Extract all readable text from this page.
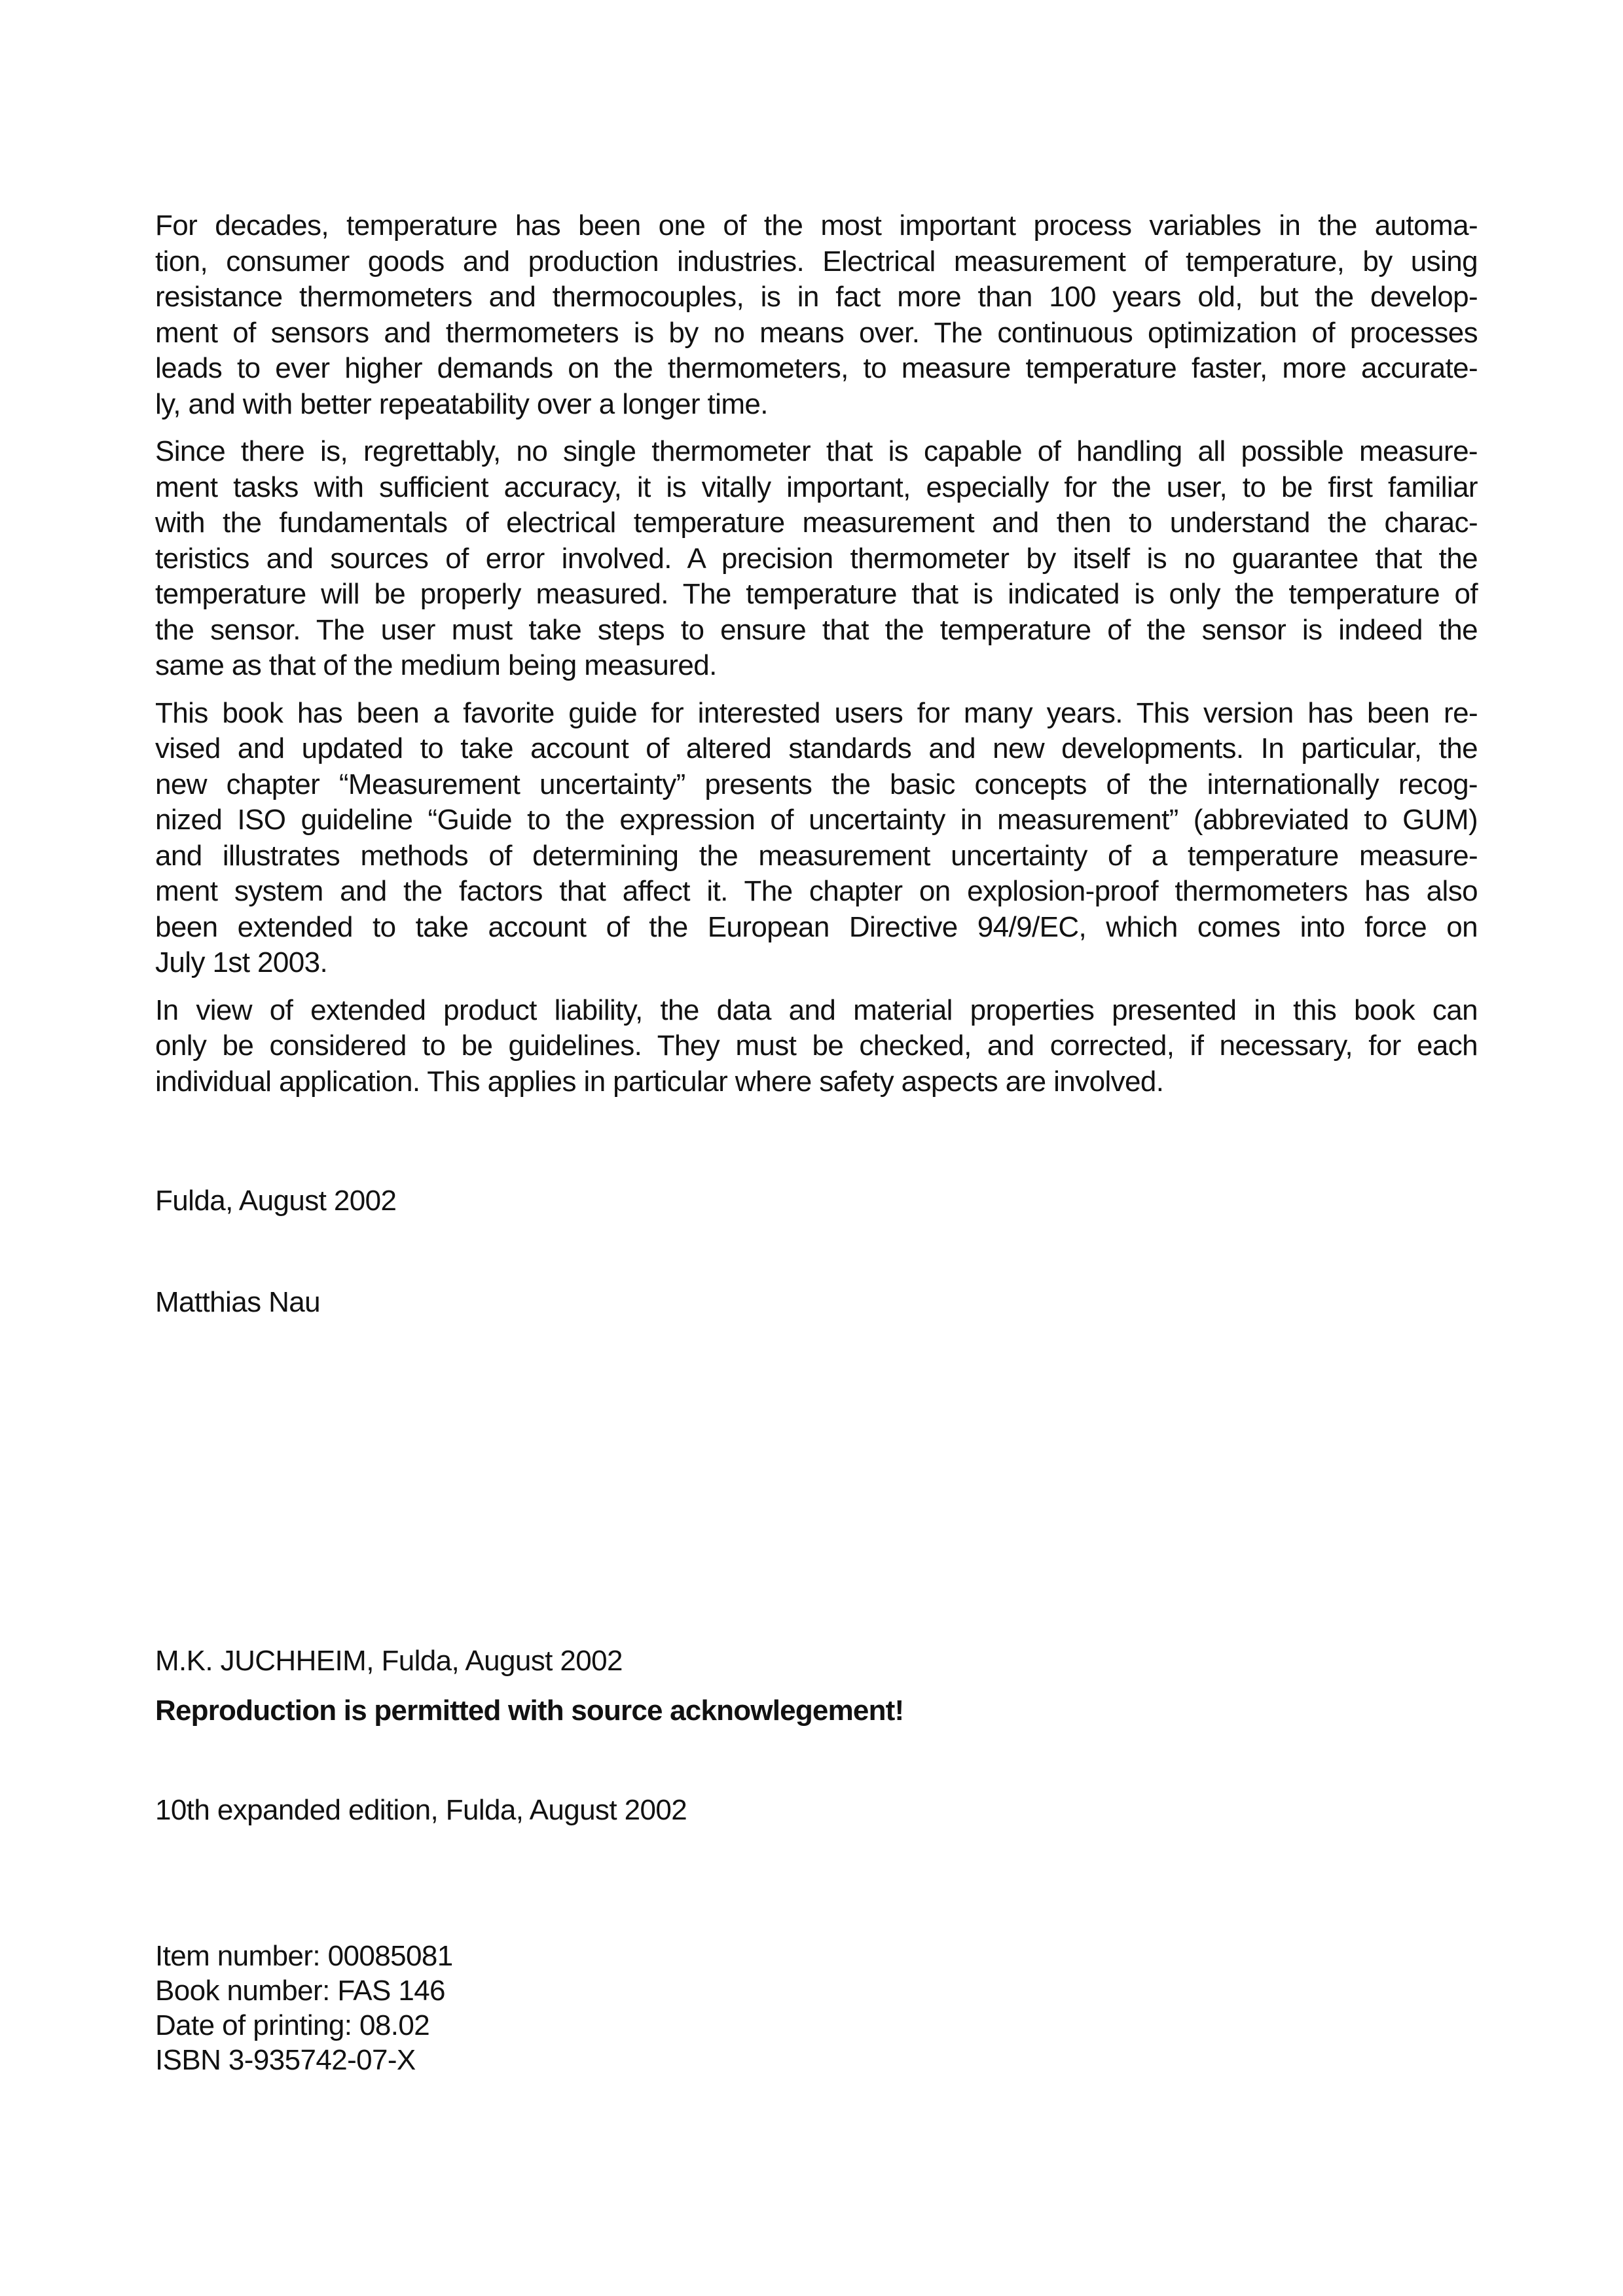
For decades, temperature has been one of the most important process variables in the automa-
tion, consumer goods and production industries. Electrical measurement of temperature, by using
resistance thermometers and thermocouples, is in fact more than 100 years old, but the develop-
ment of sensors and thermometers is by no means over. The continuous optimization of processes
leads to ever higher demands on the thermometers, to measure temperature faster, more accurate-
ly, and with better repeatability over a longer time.

Since there is, regrettably, no single thermometer that is capable of handling all possible measure-
ment tasks with sufficient accuracy, it is vitally important, especially for the user, to be first familiar
with the fundamentals of electrical temperature measurement and then to understand the charac-
teristics and sources of error involved. A precision thermometer by itself is no guarantee that the
temperature will be properly measured. The temperature that is indicated is only the temperature of
the sensor. The user must take steps to ensure that the temperature of the sensor is indeed the
same as that of the medium being measured.

This book has been a favorite guide for interested users for many years. This version has been re-
vised and updated to take account of altered standards and new developments. In particular, the
new chapter “Measurement uncertainty” presents the basic concepts of the internationally recog-
nized ISO guideline “Guide to the expression of uncertainty in measurement” (abbreviated to GUM)
and illustrates methods of determining the measurement uncertainty of a temperature measure-
ment system and the factors that affect it. The chapter on explosion-proof thermometers has also
been extended to take account of the European Directive 94/9/EC, which comes into force on
July 1st 2003.

In view of extended product liability, the data and material properties presented in this book can
only be considered to be guidelines. They must be checked, and corrected, if necessary, for each
individual application. This applies in particular where safety aspects are involved.

Fulda, August 2002

Matthias Nau

M.K. JUCHHEIM, Fulda, August 2002

Reproduction is permitted with source acknowlegement!

10th expanded edition, Fulda, August 2002

Item number: 00085081

Book number: FAS 146

Date of printing: 08.02

ISBN 3-935742-07-X
